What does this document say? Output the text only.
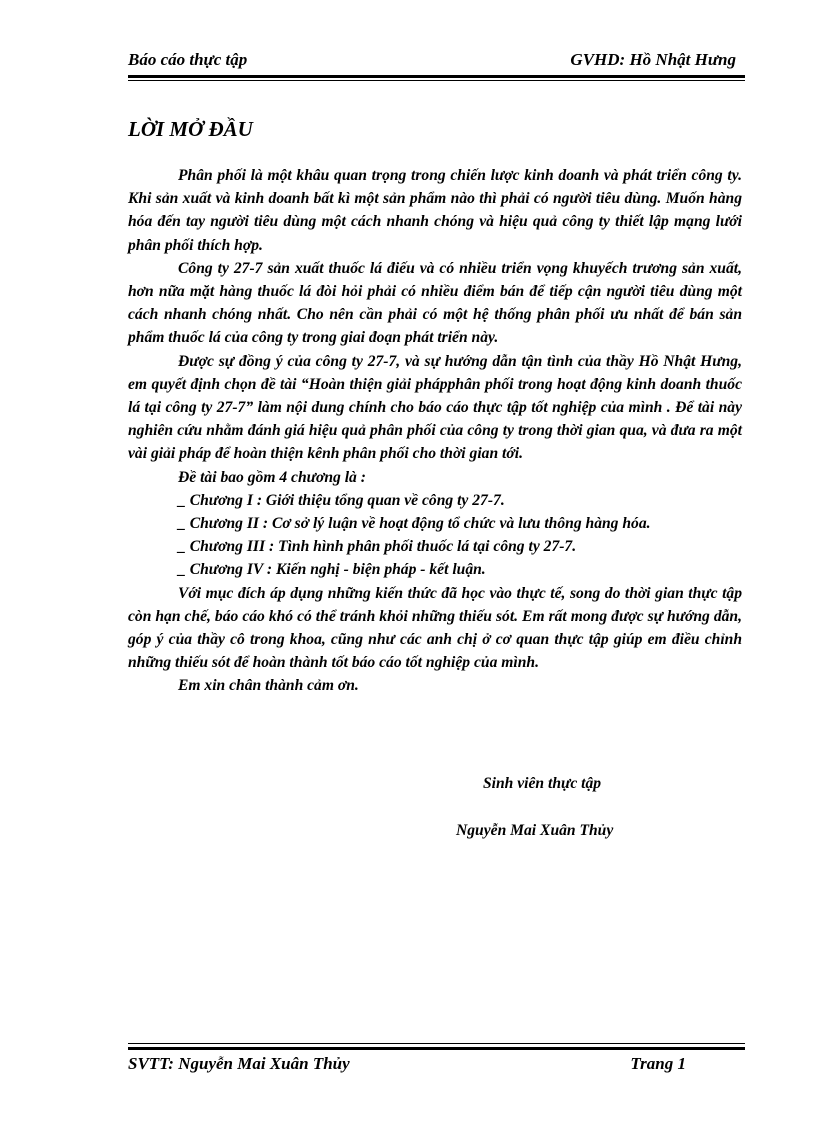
Báo cáo thực tập	GVHD: Hồ Nhật Hưng
LỜI MỞ ĐẦU

Phân phối là một khâu quan trọng trong chiến lược kinh doanh và phát triển công ty. Khi sản xuất và kinh doanh bất kì một sản phẩm nào thì phải có người tiêu dùng. Muốn hàng hóa đến tay người tiêu dùng một cách nhanh chóng và hiệu quả công ty thiết lập mạng lưới phân phối thích hợp.

Công ty 27-7 sản xuất thuốc lá điếu và có nhiều triển vọng khuyếch trương sản xuất, hơn nữa mặt hàng thuốc lá đòi hỏi phải có nhiều điểm bán để tiếp cận người tiêu dùng một cách nhanh chóng nhất. Cho nên cần phải có một hệ thống phân phối ưu nhất để bán sản phẩm thuốc lá của công ty trong giai đoạn phát triển này.

Được sự đồng ý của công ty 27-7, và sự hướng dẫn tận tình của thầy Hồ Nhật Hưng, em quyết định chọn đề tài “Hoàn thiện giải phápphân phối trong hoạt động kinh doanh thuốc lá tại công ty 27-7” làm nội dung chính cho báo cáo thực tập tốt nghiệp của mình . Để tài này nghiên cứu nhằm đánh giá hiệu quả phân phối của công ty trong thời gian qua, và đưa ra một vài giải pháp để hoàn thiện kênh phân phối cho thời gian tới.

Đề tài bao gồm 4 chương là :

_ Chương I : Giới thiệu tổng quan về công ty 27-7.

_ Chương II : Cơ sở lý luận về hoạt động tổ chức và lưu thông hàng hóa.

_ Chương III : Tình hình phân phối thuốc lá tại công ty 27-7.

_ Chương IV : Kiến nghị - biện pháp - kết luận.

Với mục đích áp dụng những kiến thức đã học vào thực tế, song do thời gian thực tập còn hạn chế, báo cáo khó có thể tránh khỏi những thiếu sót. Em rất mong được sự hướng dẫn, góp ý của thầy cô trong khoa, cũng như các anh chị ở cơ quan thực tập giúp em điều chỉnh những thiếu sót để hoàn thành tốt báo cáo tốt nghiệp của mình.

Em xin chân thành cảm ơn.

Sinh viên thực tập
Nguyễn Mai Xuân Thủy
SVTT: Nguyễn Mai Xuân Thủy	Trang 1
